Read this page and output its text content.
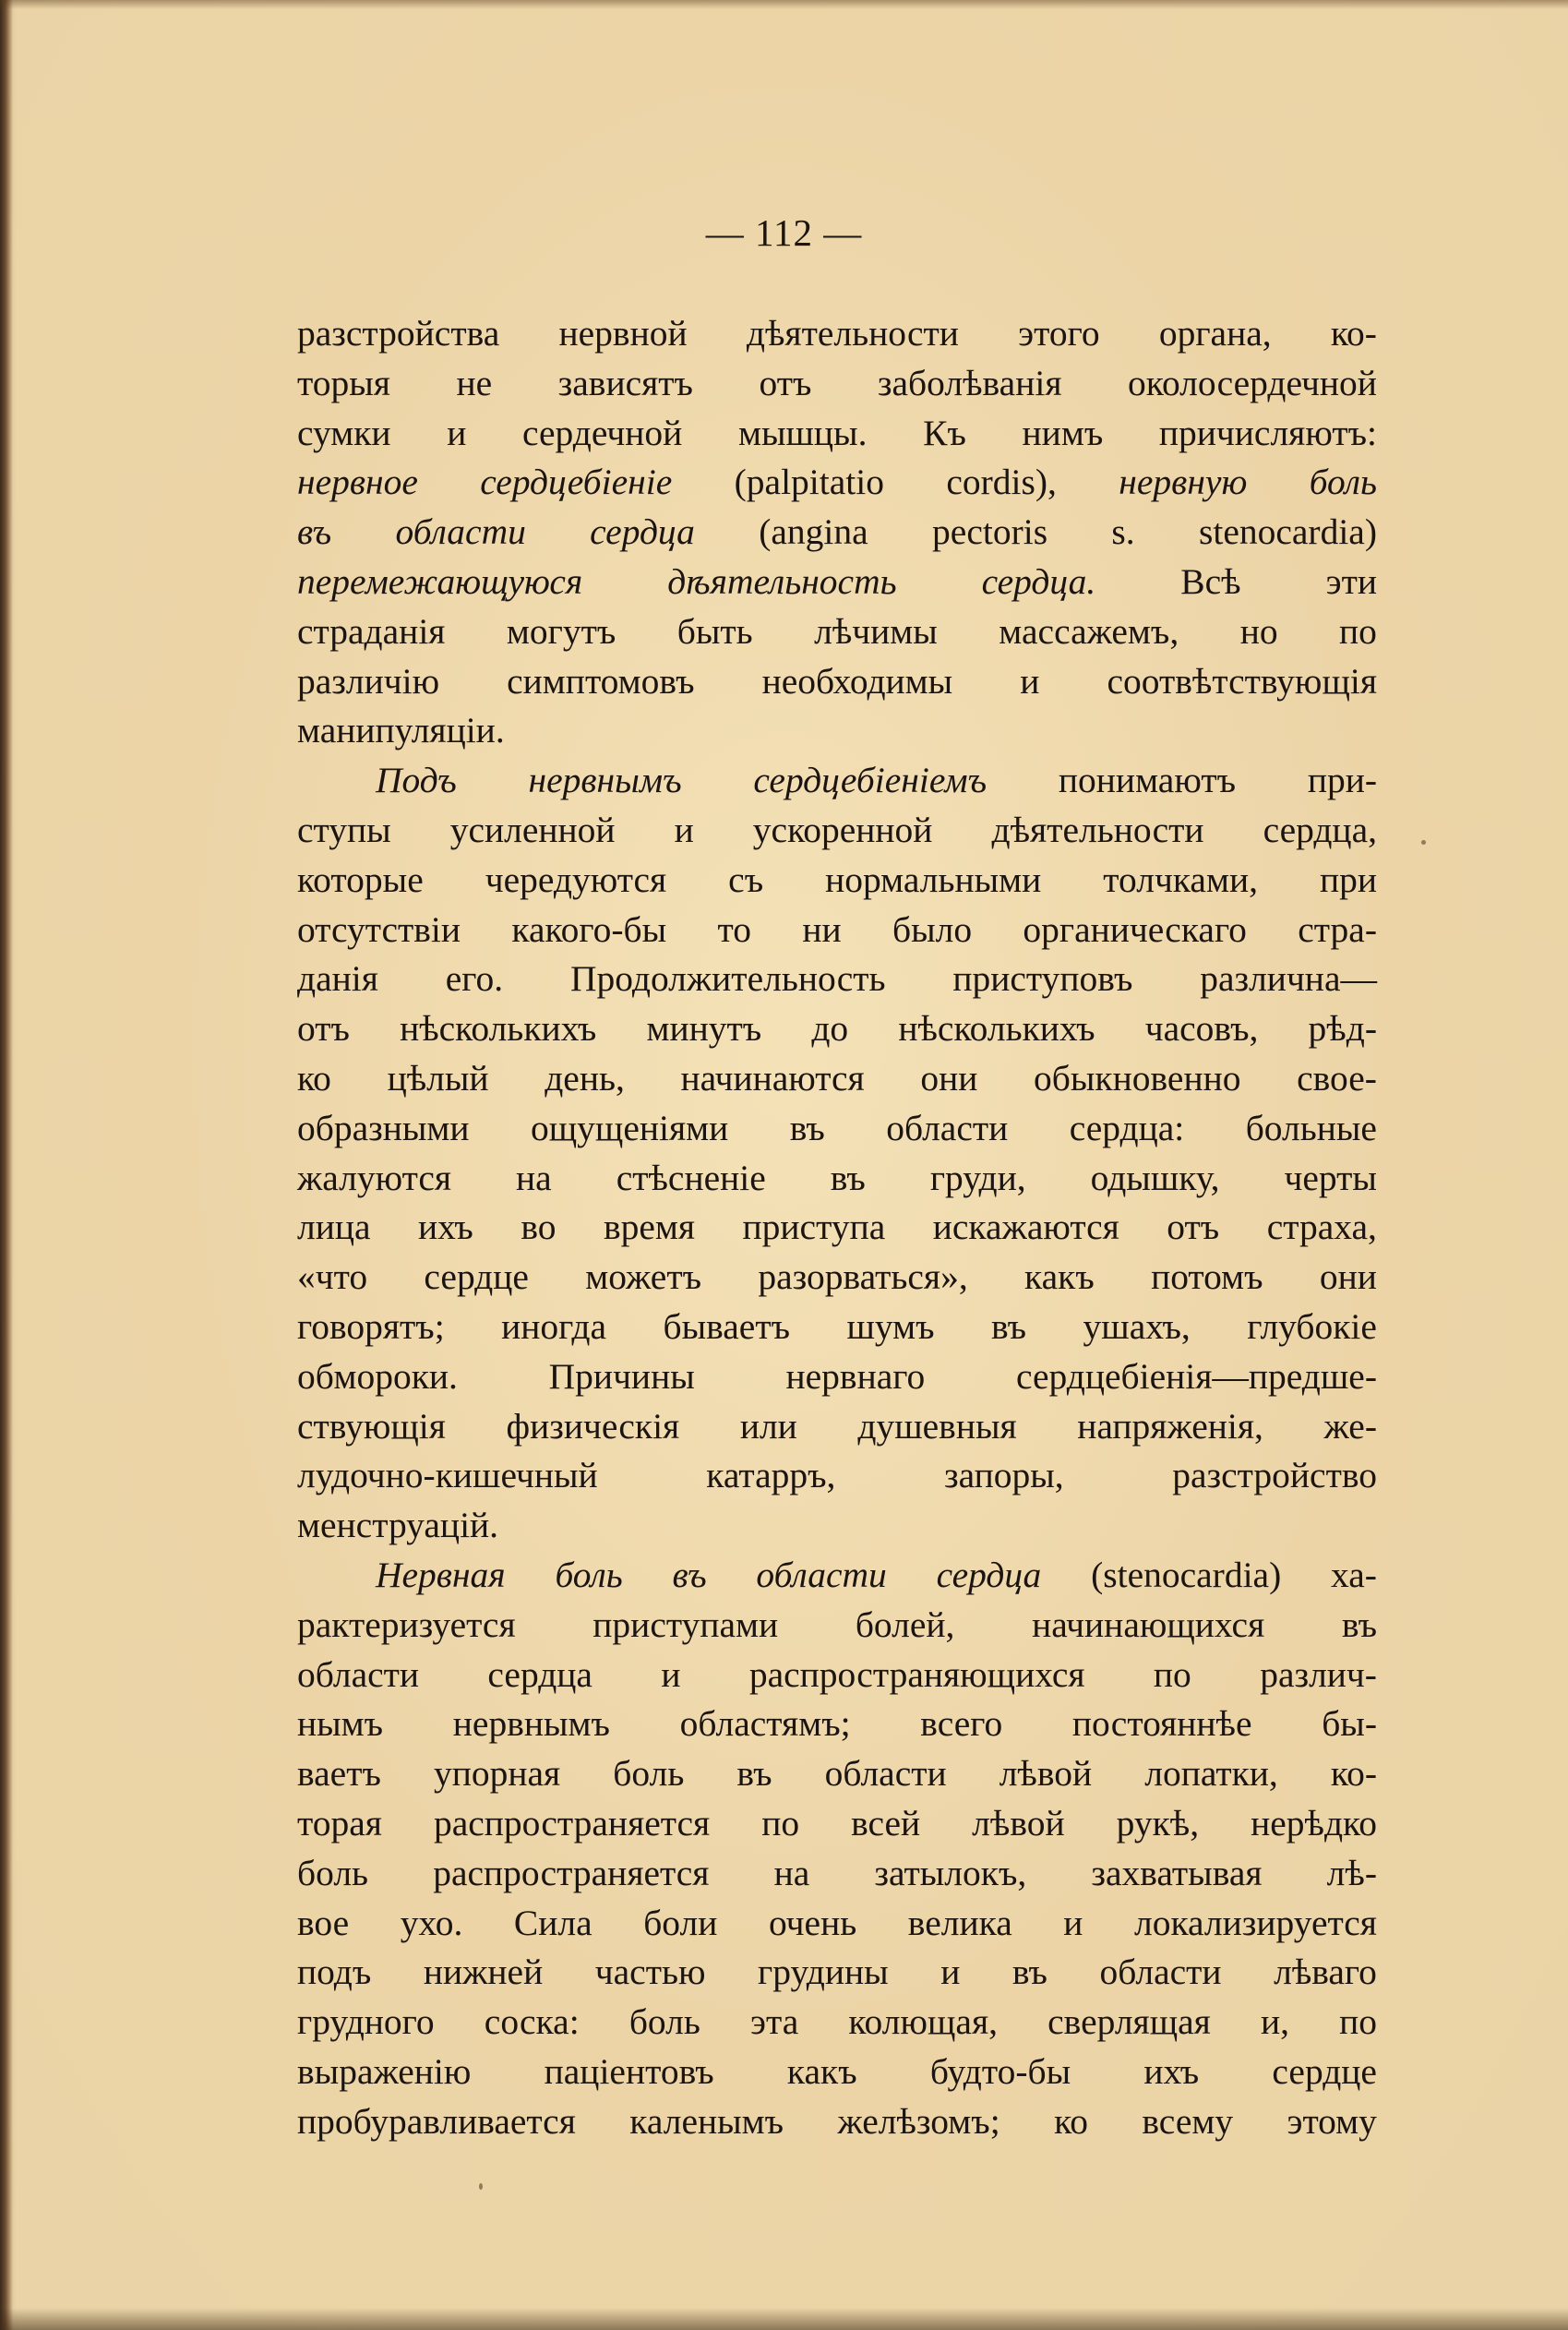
— 112 —
разстройства нервной дѣятельности этого органа, ко-
торыя не зависятъ отъ заболѣванія околосердечной
сумки и сердечной мышцы. Къ нимъ причисляютъ:
нервное сердцебіеніе (palpitatio cordis), нервную боль
въ области сердца (angina pectoris s. stenocardia)
перемежающуюся дѣятельность сердца. Всѣ эти
страданія могутъ быть лѣчимы массажемъ, но по
различію симптомовъ необходимы и соотвѣтствующія
манипуляціи.
Подъ нервнымъ сердцебіеніемъ понимаютъ при-
ступы усиленной и ускоренной дѣятельности сердца,
которые чередуются съ нормальными толчками, при
отсутствіи какого-бы то ни было органическаго стра-
данія его. Продолжительность приступовъ различна—
отъ нѣсколькихъ минутъ до нѣсколькихъ часовъ, рѣд-
ко цѣлый день, начинаются они обыкновенно свое-
образными ощущеніями въ области сердца: больные
жалуются на стѣсненіе въ груди, одышку, черты
лица ихъ во время приступа искажаются отъ страха,
«что сердце можетъ разорваться», какъ потомъ они
говорятъ; иногда бываетъ шумъ въ ушахъ, глубокіе
обмороки. Причины нервнаго сердцебіенія—предше-
ствующія физическія или душевныя напряженія, же-
лудочно-кишечный	катарръ,	запоры,	разстройство
менструацій.
Нервная боль въ области сердца (stenocardia) ха-
рактеризуется приступами болей, начинающихся въ
области сердца и распространяющихся по различ-
нымъ нервнымъ областямъ; всего постояннѣе бы-
ваетъ упорная боль въ области лѣвой лопатки, ко-
торая распространяется по всей лѣвой рукѣ, нерѣдко
боль распространяется на затылокъ, захватывая лѣ-
вое ухо. Сила боли очень велика и локализируется
подъ нижней частью грудины и въ области лѣваго
грудного соска: боль эта колющая, сверлящая и, по
выраженію паціентовъ какъ будто-бы ихъ сердце
пробуравливается каленымъ желѣзомъ; ко всему этому
